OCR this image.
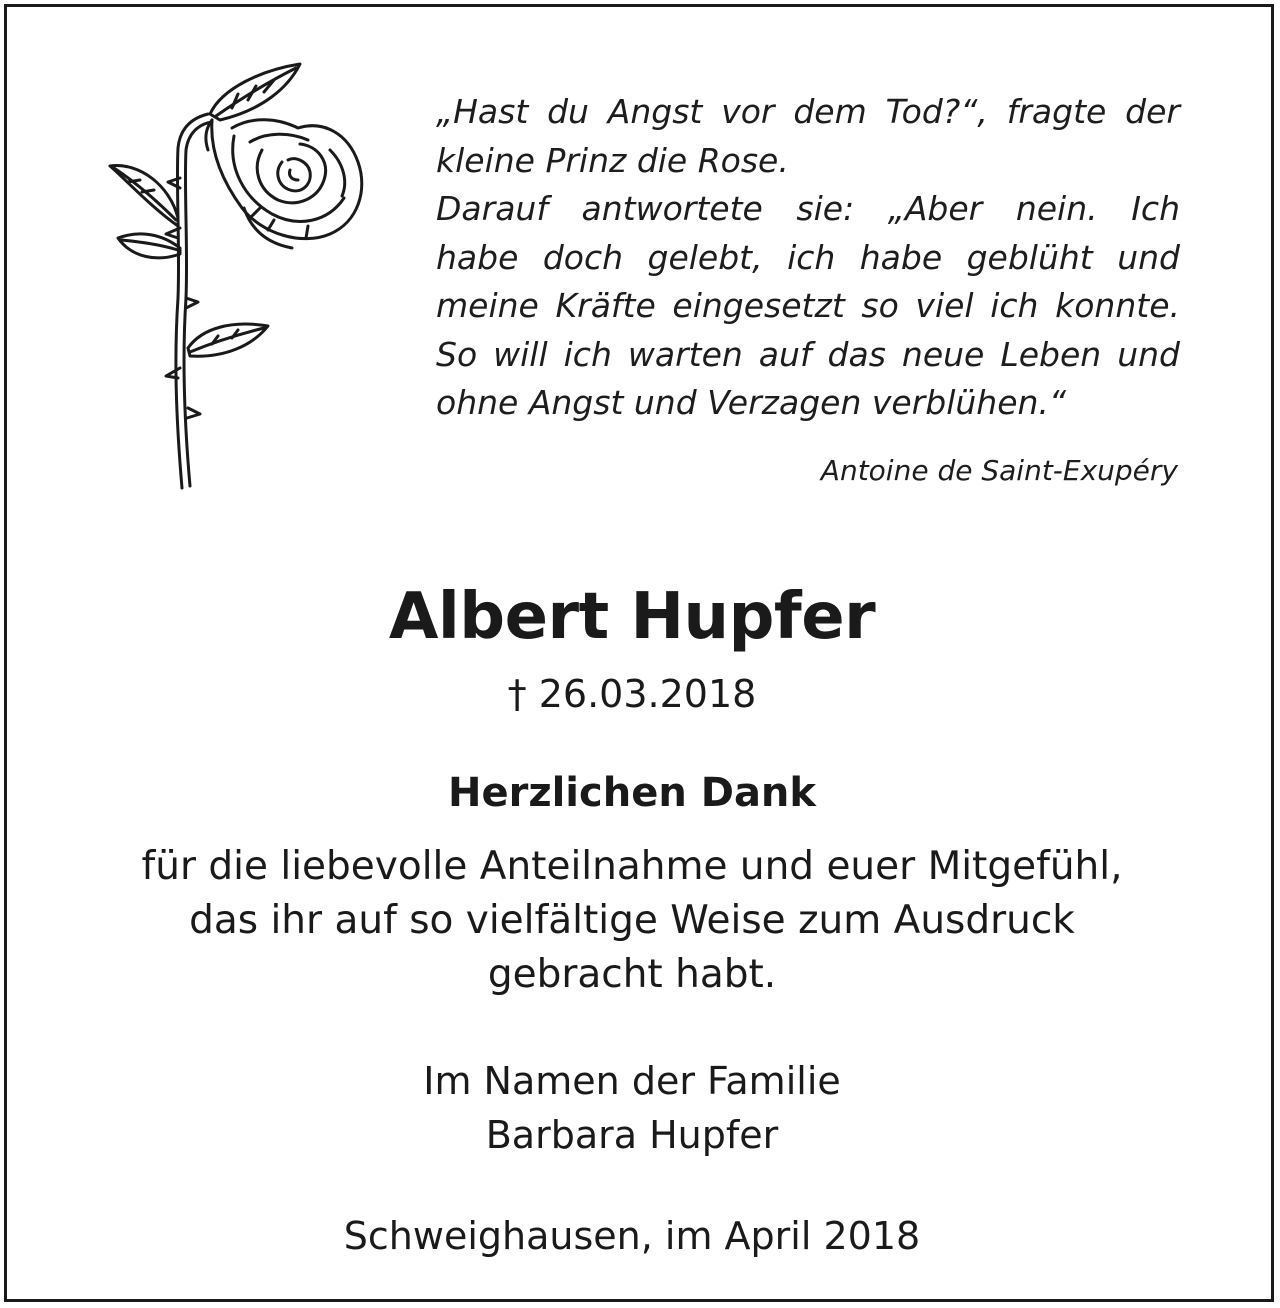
„Hast du Angst vor dem Tod?“, fragte der
kleine Prinz die Rose.
Darauf antwortete sie: „Aber nein. Ich
habe doch gelebt, ich habe geblüht und
meine Kräfte eingesetzt so viel ich konnte.
So will ich warten auf das neue Leben und
ohne Angst und Verzagen verblühen.“
Antoine de Saint-Exupéry
Albert Hupfer
† 26.03.2018
Herzlichen Dank
für die liebevolle Anteilnahme und euer Mitgefühl,
das ihr auf so vielfältige Weise zum Ausdruck
gebracht habt.
Im Namen der Familie
Barbara Hupfer
Schweighausen, im April 2018
